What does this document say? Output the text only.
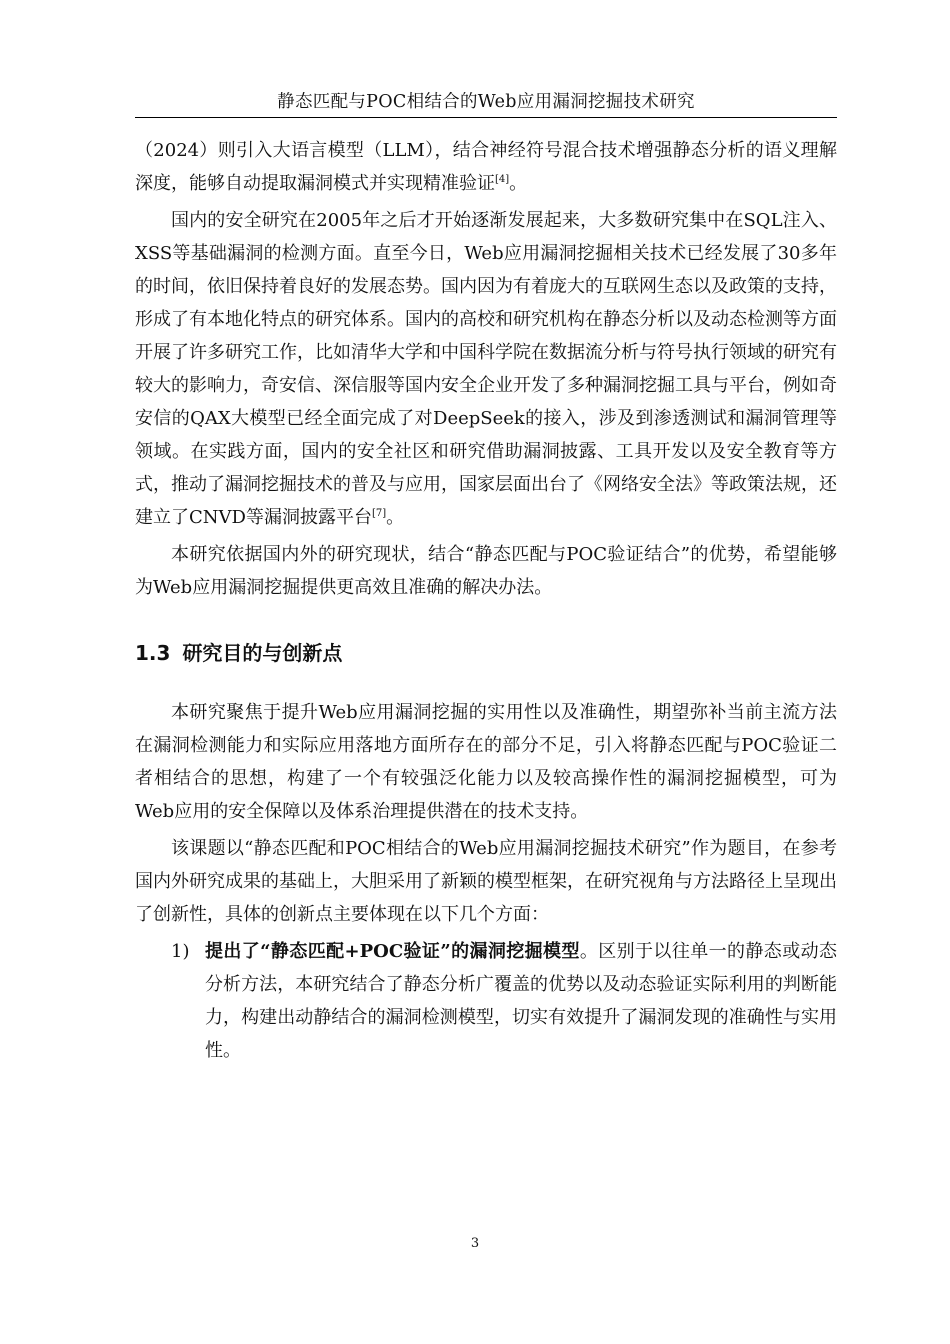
静态匹配与POC相结合的Web应用漏洞挖掘技术研究

（2024）则引入大语言模型（LLM），结合神经符号混合技术增强静态分析的语义理解深度，能够自动提取漏洞模式并实现精准验证[4]。

国内的安全研究在2005年之后才开始逐渐发展起来，大多数研究集中在SQL注入、XSS等基础漏洞的检测方面。直至今日，Web应用漏洞挖掘相关技术已经发展了30多年的时间，依旧保持着良好的发展态势。国内因为有着庞大的互联网生态以及政策的支持，形成了有本地化特点的研究体系。国内的高校和研究机构在静态分析以及动态检测等方面开展了许多研究工作，比如清华大学和中国科学院在数据流分析与符号执行领域的研究有较大的影响力，奇安信、深信服等国内安全企业开发了多种漏洞挖掘工具与平台，例如奇安信的QAX大模型已经全面完成了对DeepSeek的接入，涉及到渗透测试和漏洞管理等领域。在实践方面，国内的安全社区和研究借助漏洞披露、工具开发以及安全教育等方式，推动了漏洞挖掘技术的普及与应用，国家层面出台了《网络安全法》等政策法规，还建立了CNVD等漏洞披露平台[7]。

本研究依据国内外的研究现状，结合“静态匹配与POC验证结合”的优势，希望能够为Web应用漏洞挖掘提供更高效且准确的解决办法。

1.3 研究目的与创新点

本研究聚焦于提升Web应用漏洞挖掘的实用性以及准确性，期望弥补当前主流方法在漏洞检测能力和实际应用落地方面所存在的部分不足，引入将静态匹配与POC验证二者相结合的思想，构建了一个有较强泛化能力以及较高操作性的漏洞挖掘模型，可为Web应用的安全保障以及体系治理提供潜在的技术支持。

该课题以“静态匹配和POC相结合的Web应用漏洞挖掘技术研究”作为题目，在参考国内外研究成果的基础上，大胆采用了新颖的模型框架，在研究视角与方法路径上呈现出了创新性，具体的创新点主要体现在以下几个方面：

1) 提出了“静态匹配+POC验证”的漏洞挖掘模型。区别于以往单一的静态或动态分析方法，本研究结合了静态分析广覆盖的优势以及动态验证实际利用的判断能力，构建出动静结合的漏洞检测模型，切实有效提升了漏洞发现的准确性与实用性。
3
